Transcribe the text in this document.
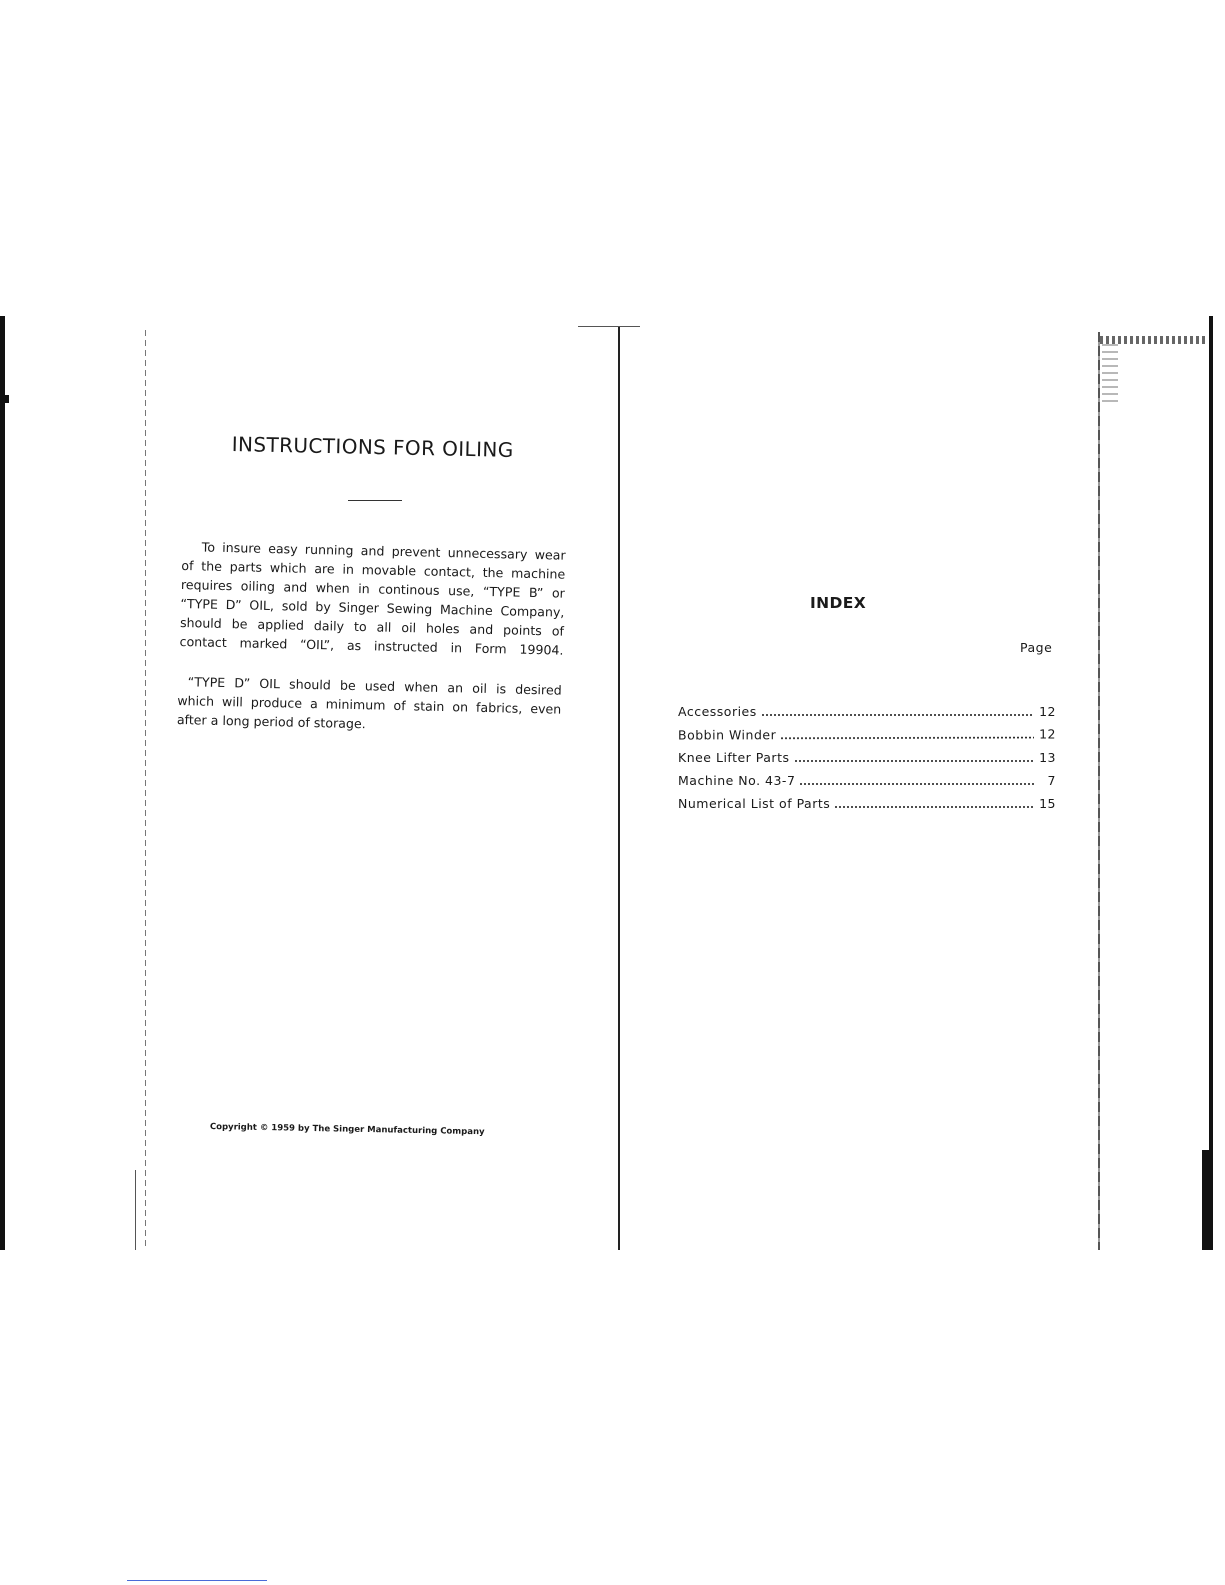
INSTRUCTIONS FOR OILING
To insure easy running and prevent unnecessary wear
of the parts which are in movable contact, the machine
requires oiling and when in continous use, “TYPE B” or
“TYPE D” OIL, sold by Singer Sewing Machine Company,
should be applied daily to all oil holes and points of
contact marked “OIL”, as instructed in Form 19904.
“TYPE D” OIL should be used when an oil is desired
which will produce a minimum of stain on fabrics, even
after a long period of storage.
Copyright © 1959 by The Singer Manufacturing Company
INDEX
Page
Accessories	12
Bobbin Winder	12
Knee Lifter Parts	13
Machine No. 43-7	7
Numerical List of Parts	15
